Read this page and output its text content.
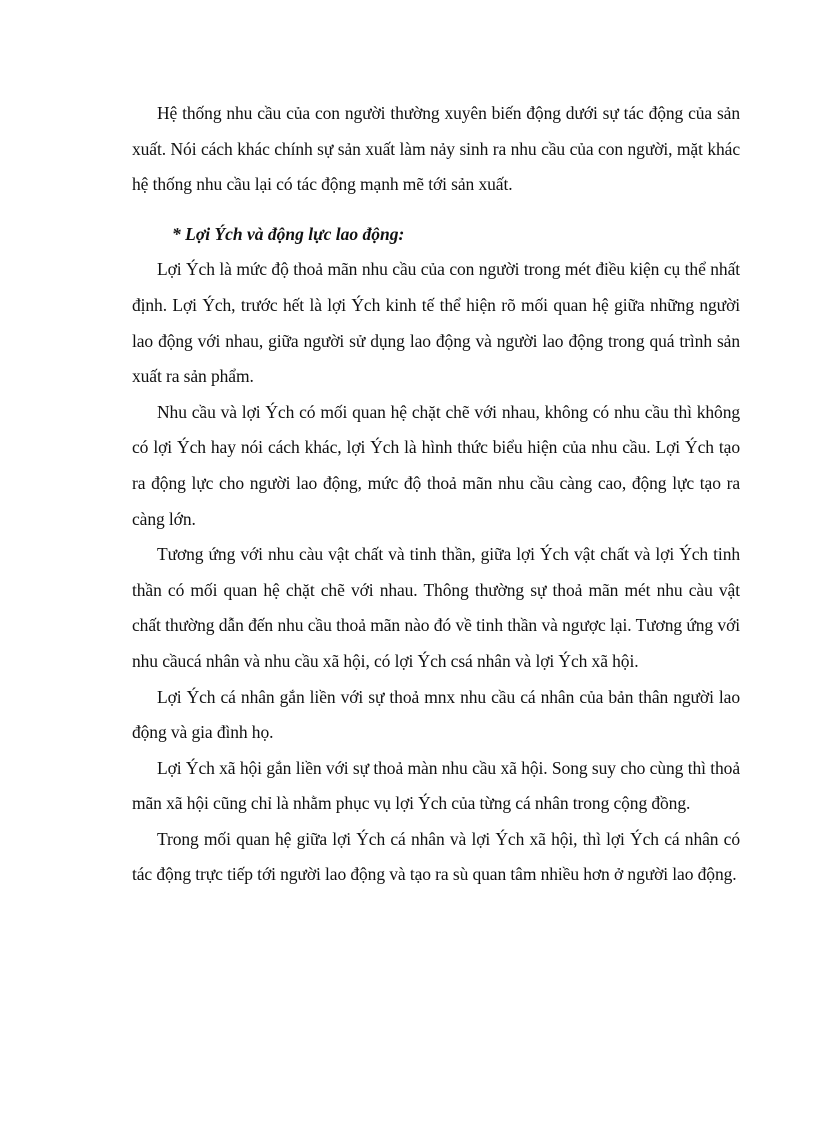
Hệ thống nhu cầu của con người thường xuyên biến động dưới sự tác động của sản xuất. Nói cách khác chính sự sản xuất làm nảy sinh ra nhu cầu của con người, mặt khác hệ thống nhu cầu lại có tác động mạnh mẽ tới sản xuất.

* Lợi Ých và động lực lao động:

Lợi Ých là mức độ thoả mãn nhu cầu của con người trong mét điều kiện cụ thể nhất định. Lợi Ých, trước hết là lợi Ých kinh tế thể hiện rõ mối quan hệ giữa những người lao động với nhau, giữa người sử dụng lao động và người lao động trong quá trình sản xuất ra sản phẩm.

Nhu cầu và lợi Ých có mối quan hệ chặt chẽ với nhau, không có nhu cầu thì không có lợi Ých hay nói cách khác, lợi Ých là hình thức biểu hiện của nhu cầu. Lợi Ých tạo ra động lực cho người lao động, mức độ thoả mãn nhu cầu càng cao, động lực tạo ra càng lớn.

Tương ứng với nhu càu vật chất và tinh thần, giữa lợi Ých vật chất và lợi Ých tinh thần có mối quan hệ chặt chẽ với nhau. Thông thường sự thoả mãn mét nhu càu vật chất thường dẫn đến nhu cầu thoả mãn nào đó về tinh thần và ngược lại. Tương ứng với nhu cầucá nhân và nhu cầu xã hội, có lợi Ých csá nhân và lợi Ých xã hội.

Lợi Ých cá nhân gắn liền với sự thoả mnx nhu cầu cá nhân của bản thân người lao động và gia đình họ.

Lợi Ých xã hội gắn liền với sự thoả màn nhu cầu xã hội. Song suy cho cùng thì thoả mãn xã hội cũng chỉ là nhằm phục vụ lợi Ých của từng cá nhân trong cộng đồng.

Trong mối quan hệ giữa lợi Ých cá nhân và lợi Ých xã hội, thì lợi Ých cá nhân có tác động trực tiếp tới người lao động và tạo ra sù quan tâm nhiều hơn ở người lao động.
